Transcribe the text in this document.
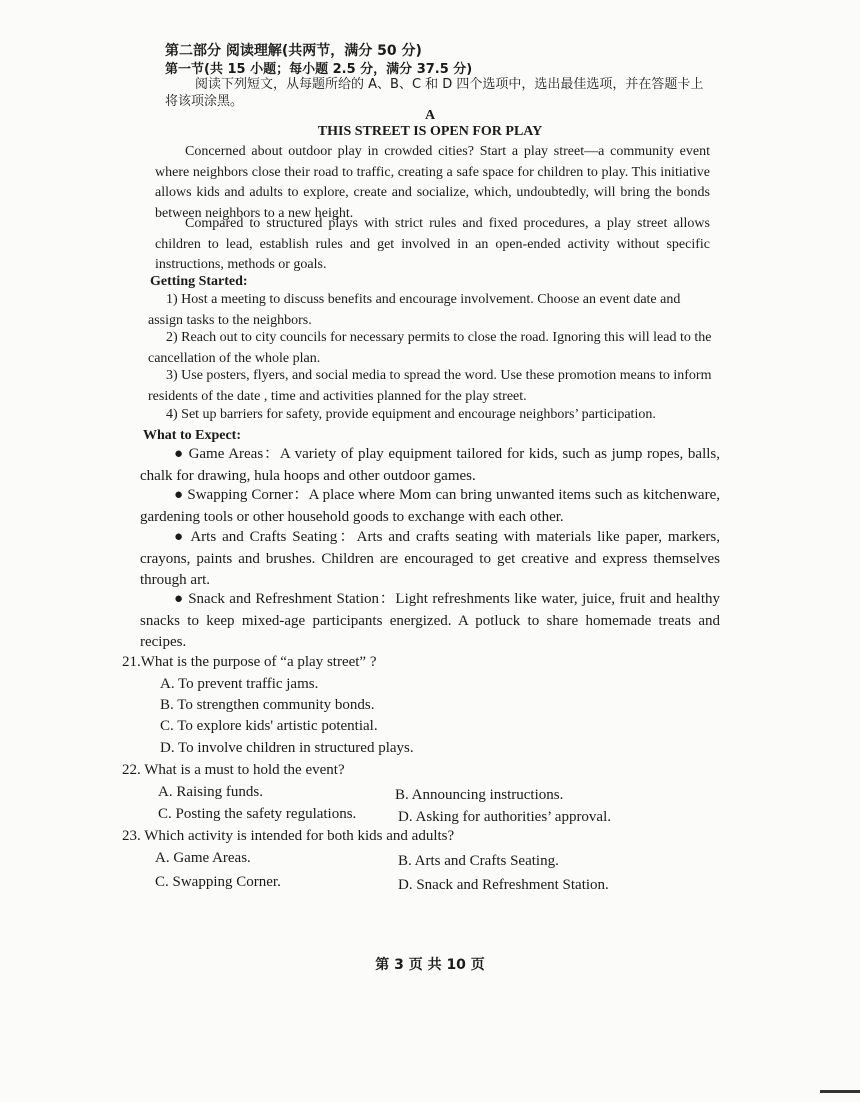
第二部分 阅读理解(共两节，满分 50 分)
第一节(共 15 小题；每小题 2.5 分，满分 37.5 分)
阅读下列短文，从每题所给的 A、B、C 和 D 四个选项中，选出最佳选项，并在答题卡上将该项涂黑。
A
THIS STREET IS OPEN FOR PLAY
Concerned about outdoor play in crowded cities? Start a play street—a community event where neighbors close their road to traffic, creating a safe space for children to play. This initiative allows kids and adults to explore, create and socialize, which, undoubtedly, will bring the bonds between neighbors to a new height.
Compared to structured plays with strict rules and fixed procedures, a play street allows children to lead, establish rules and get involved in an open-ended activity without specific instructions, methods or goals.
Getting Started:
1) Host a meeting to discuss benefits and encourage involvement. Choose an event date and assign tasks to the neighbors.
2) Reach out to city councils for necessary permits to close the road. Ignoring this will lead to the cancellation of the whole plan.
3) Use posters, flyers, and social media to spread the word. Use these promotion means to inform residents of the date , time and activities planned for the play street.
4) Set up barriers for safety, provide equipment and encourage neighbors’ participation.
What to Expect:
● Game Areas：A variety of play equipment tailored for kids, such as jump ropes, balls, chalk for drawing, hula hoops and other outdoor games.
● Swapping Corner：A place where Mom can bring unwanted items such as kitchenware, gardening tools or other household goods to exchange with each other.
● Arts and Crafts Seating：Arts and crafts seating with materials like paper, markers, crayons, paints and brushes. Children are encouraged to get creative and express themselves through art.
● Snack and Refreshment Station：Light refreshments like water, juice, fruit and healthy snacks to keep mixed-age participants energized. A potluck to share homemade treats and recipes.
21.What is the purpose of “a play street” ?
A. To prevent traffic jams.
B. To strengthen community bonds.
C. To explore kids' artistic potential.
D. To involve children in structured plays.
22. What is a must to hold the event?
A. Raising funds.	B. Announcing instructions.
C. Posting the safety regulations.	D. Asking for authorities’ approval.
23. Which activity is intended for both kids and adults?
A. Game Areas.	B. Arts and Crafts Seating.
C. Swapping Corner.	D. Snack and Refreshment Station.
第 3 页 共 10 页
